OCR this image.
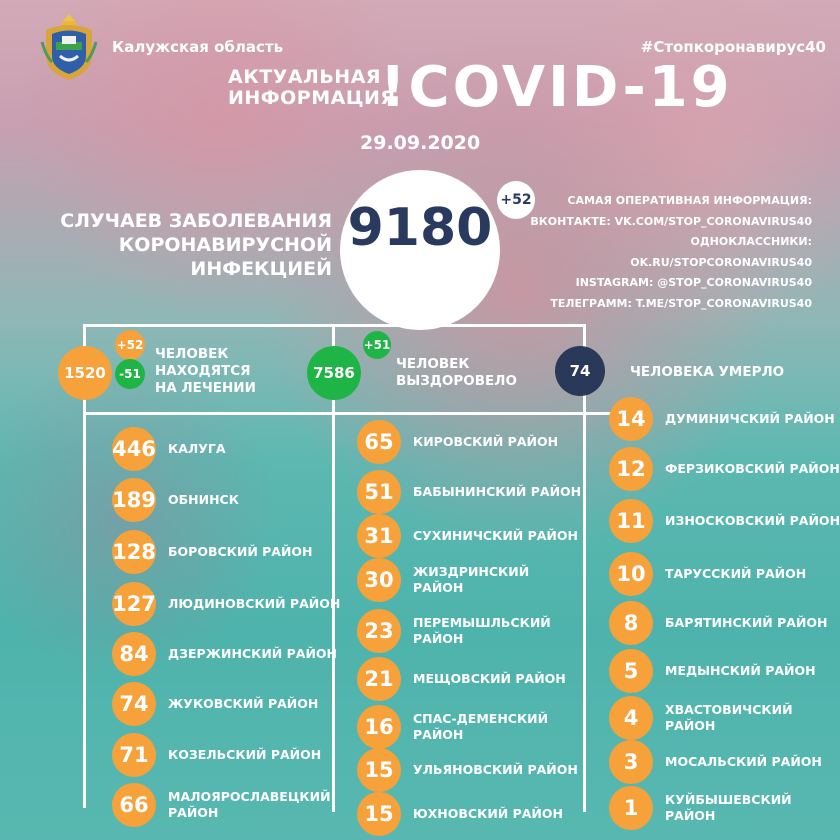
Калужская область	#Стопкоронавирус40
АКТУАЛЬНАЯ ИНФОРМАЦИЯ
!COVID-19
29.09.2020
СЛУЧАЕВ ЗАБОЛЕВАНИЯ КОРОНАВИРУСНОЙ ИНФЕКЦИЕЙ
9180 +52	САМАЯ ОПЕРАТИВНАЯ ИНФОРМАЦИЯ:
ВКОНТАКТЕ: VK.COM/STOP_CORONAVIRUS40
ОДНОКЛАССНИКИ: OK.RU/STOPCORONAVIRUS40
INSTAGRAM: @STOP_CORONAVIRUS40
ТЕЛЕГРАММ: T.ME/STOP_CORONAVIRUS40
1520
+52
-51
ЧЕЛОВЕК НАХОДЯТСЯ НА ЛЕЧЕНИИ
7586
+51
ЧЕЛОВЕК ВЫЗДОРОВЕЛО
74	ЧЕЛОВЕКА УМЕРЛО
446 КАЛУГА
189 ОБНИНСК
128 БОРОВСКИЙ РАЙОН
127 ЛЮДИНОВСКИЙ РАЙОН
84	ДЗЕРЖИНСКИЙ РАЙОН
74	ЖУКОВСКИЙ РАЙОН
71	КОЗЕЛЬСКИЙ РАЙОН
66	МАЛОЯРОСЛАВЕЦКИЙ РАЙОН
65	КИРОВСКИЙ РАЙОН
51	БАБЫНИНСКИЙ РАЙОН
31	СУХИНИЧСКИЙ РАЙОН
30	ЖИЗДРИНСКИЙ РАЙОН
23	ПЕРЕМЫШЛЬСКИЙ РАЙОН
21	МЕЩОВСКИЙ РАЙОН
16	СПАС-ДЕМЕНСКИЙ РАЙОН
15	УЛЬЯНОВСКИЙ РАЙОН
15	ЮХНОВСКИЙ РАЙОН
14	ДУМИНИЧСКИЙ РАЙОН
12	ФЕРЗИКОВСКИЙ РАЙОН
11	ИЗНОСКОВСКИЙ РАЙОН
10	ТАРУССКИЙ РАЙОН
8	БАРЯТИНСКИЙ РАЙОН
5	МЕДЫНСКИЙ РАЙОН
4	ХВАСТОВИЧСКИЙ РАЙОН
3	МОСАЛЬСКИЙ РАЙОН
1	КУЙБЫШЕВСКИЙ РАЙОН
